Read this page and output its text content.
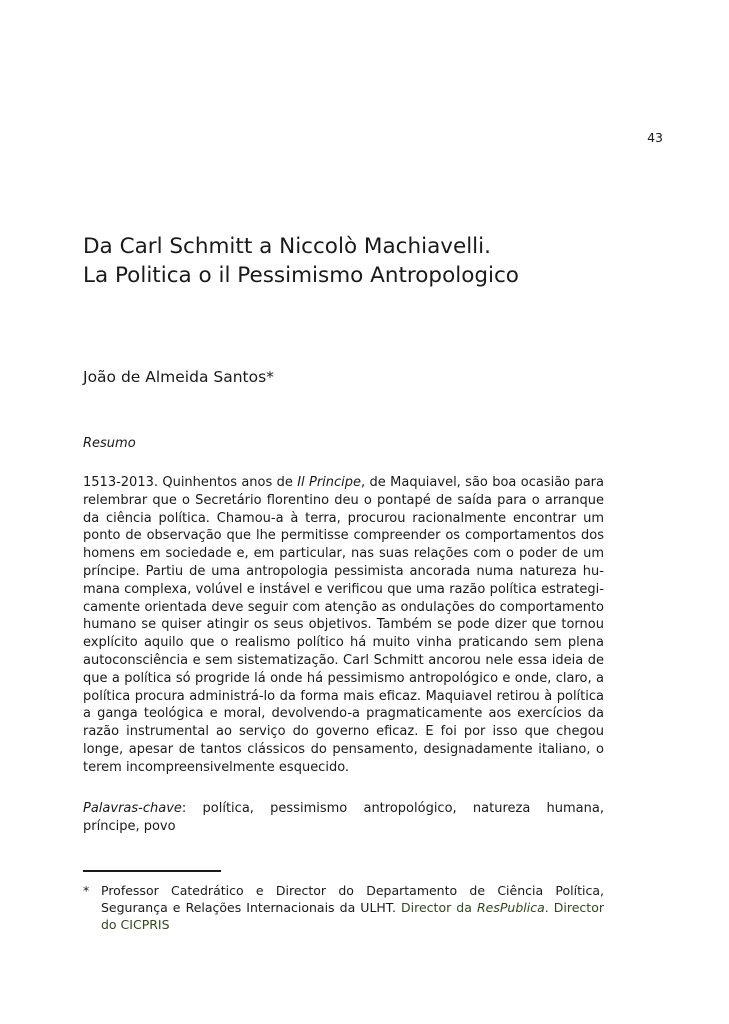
43
Da Carl Schmitt a Niccolò Machiavelli.
La Politica o il Pessimismo Antropologico

João de Almeida Santos*

Resumo

1513-2013. Quinhentos anos de Il Principe, de Maquiavel, são boa ocasião para relembrar que o Secretário florentino deu o pontapé de saída para o arranque da ciência política. Chamou-a à terra, procurou racionalmente encontrar um ponto de observação que lhe permitisse compreender os comportamentos dos homens em sociedade e, em particular, nas suas relações com o poder de um príncipe. Partiu de uma antropologia pessimista ancorada numa natureza humana complexa, volúvel e instável e verificou que uma razão política estrategicamente orientada deve seguir com atenção as ondulações do comportamento humano se quiser atingir os seus objetivos. Também se pode dizer que tornou explícito aquilo que o realismo político há muito vinha praticando sem plena autoconsciência e sem sistematização. Carl Schmitt ancorou nele essa ideia de que a política só progride lá onde há pessimismo antropológico e onde, claro, a política procura administrá-lo da forma mais eficaz. Maquiavel retirou à política a ganga teológica e moral, devolvendo-a pragmaticamente aos exercícios da razão instrumental ao serviço do governo eficaz. E foi por isso que chegou longe, apesar de tantos clássicos do pensamento, designadamente italiano, o terem incompreensivelmente esquecido.

Palavras-chave: política, pessimismo antropológico, natureza humana, príncipe, povo

* Professor Catedrático e Director do Departamento de Ciência Política, Segurança e Relações Internacionais da ULHT. Director da ResPublica. Director do CICPRIS
